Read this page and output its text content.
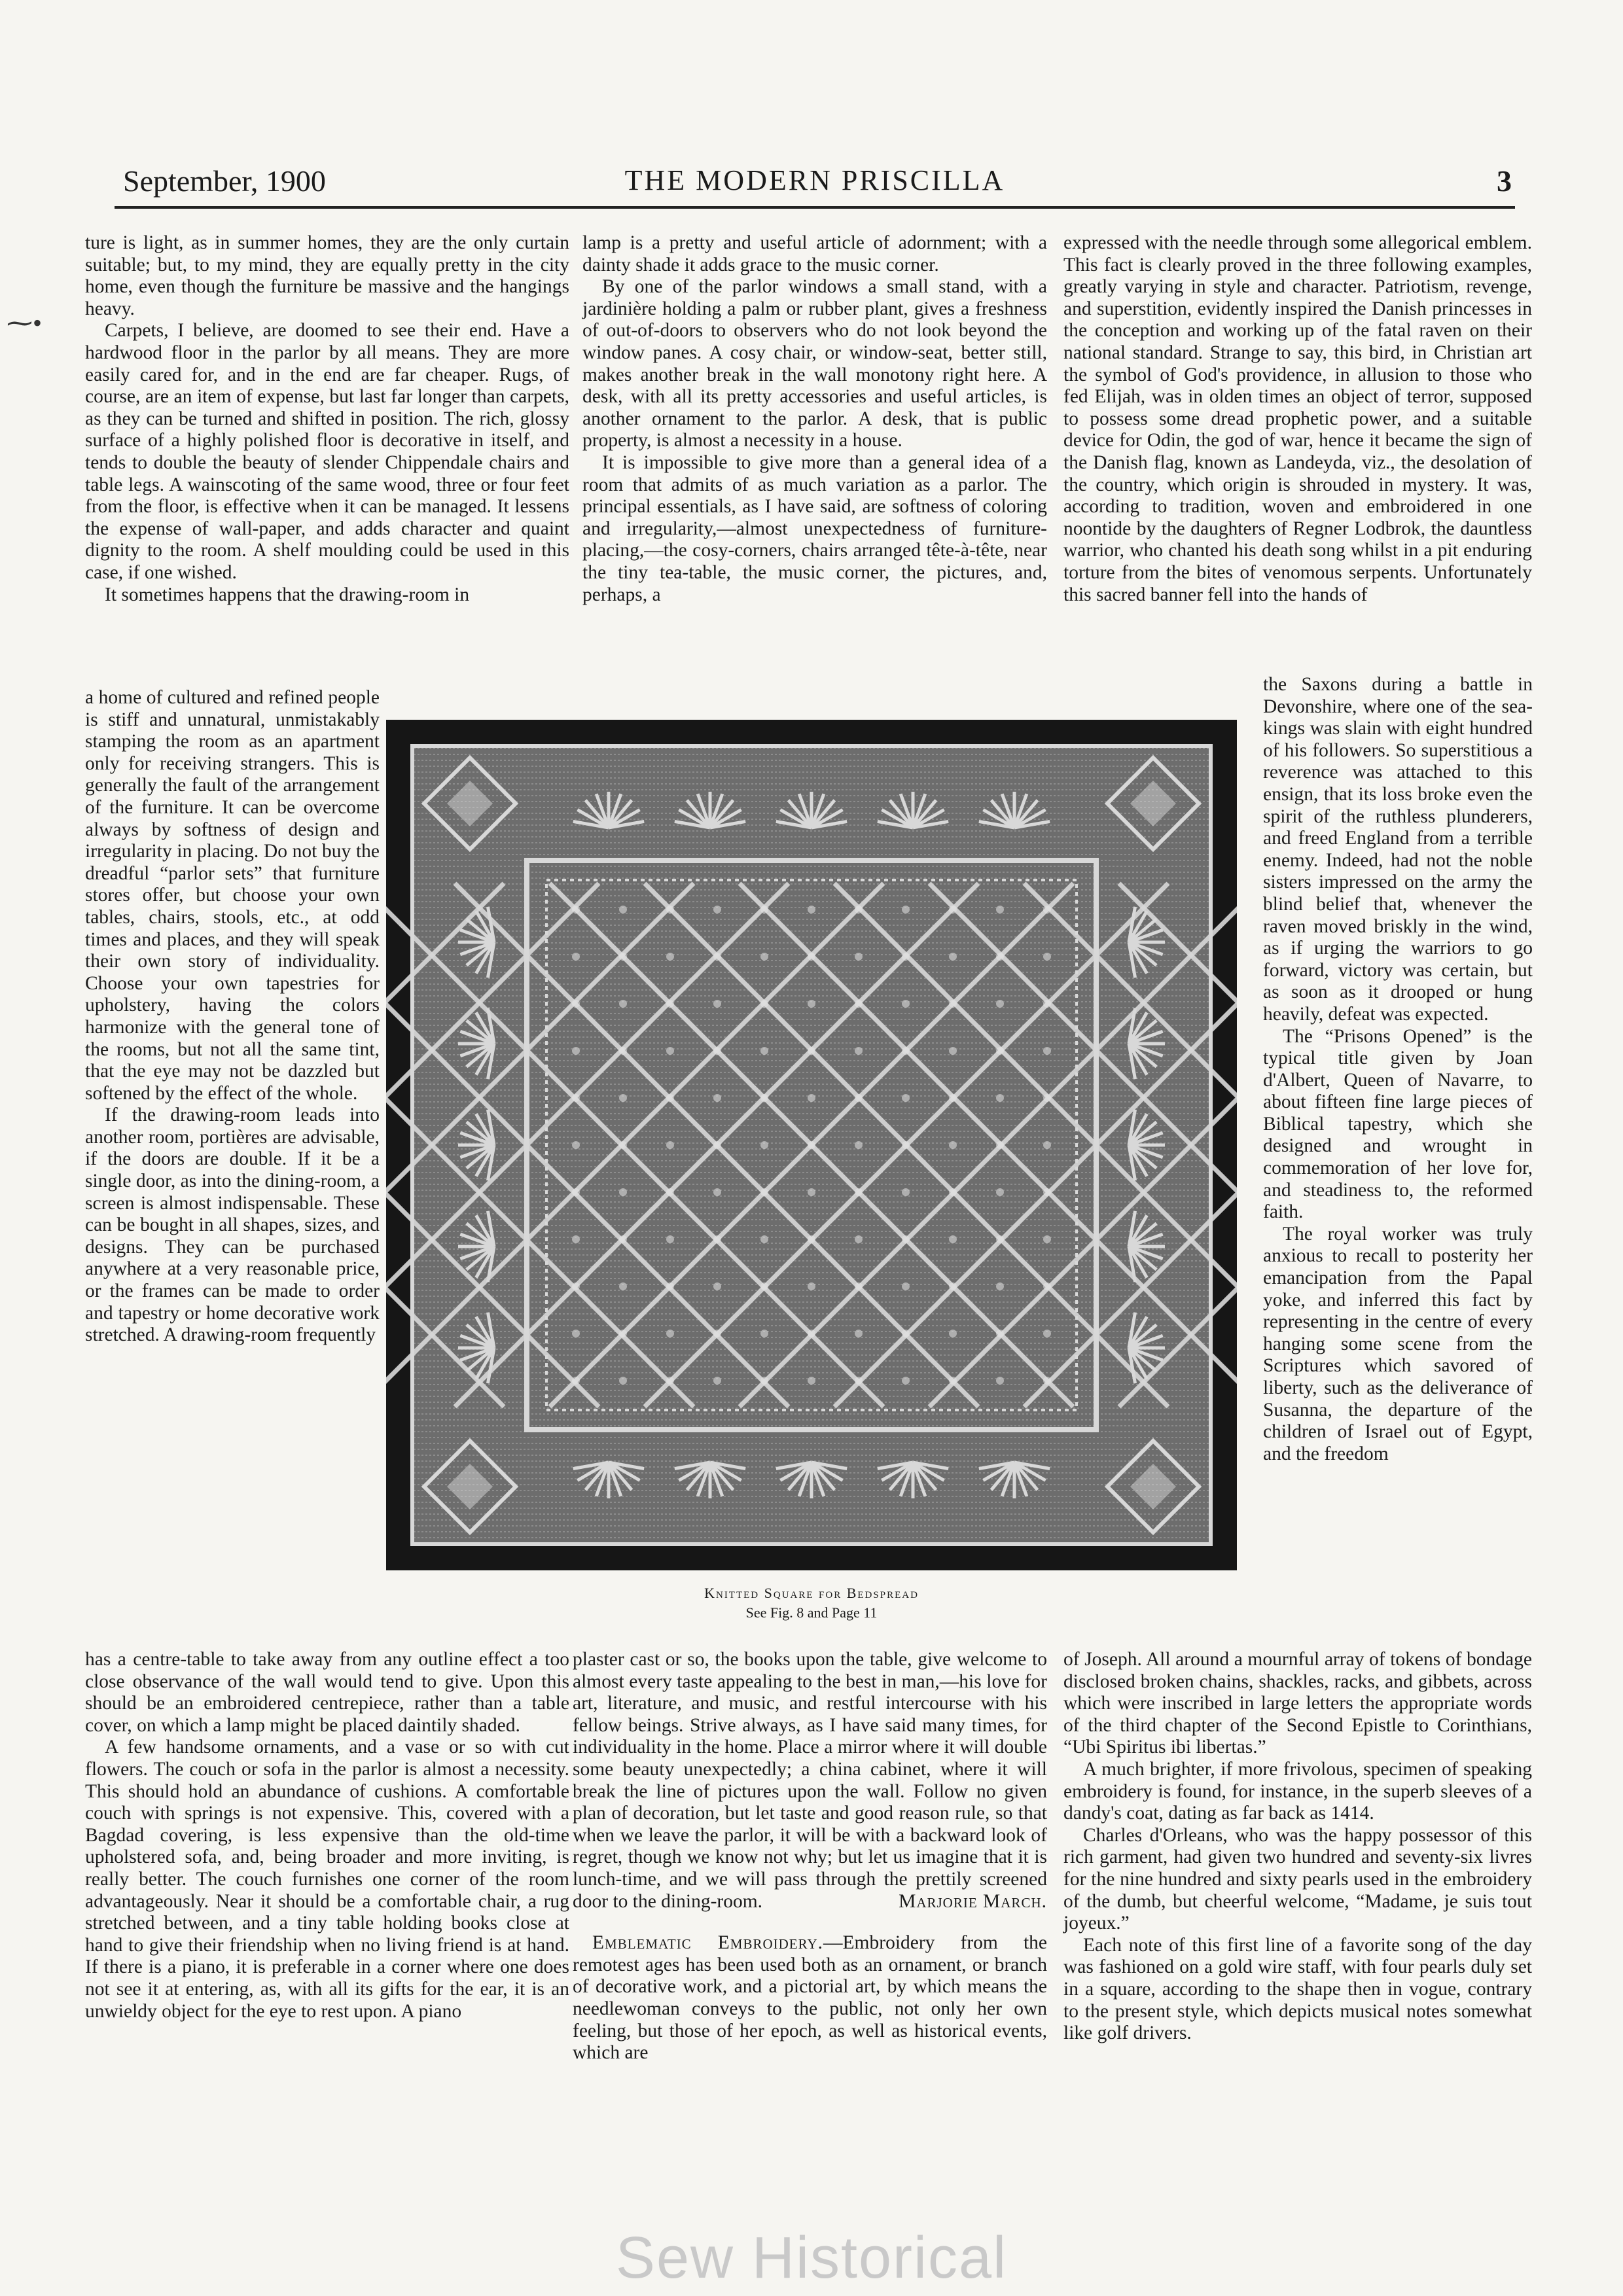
September, 1900	THE MODERN PRISCILLA	3
⁓•

ture is light, as in summer homes, they are the only curtain suitable; but, to my mind, they are equally pretty in the city home, even though the furniture be massive and the hangings heavy.

Carpets, I believe, are doomed to see their end. Have a hardwood floor in the parlor by all means. They are more easily cared for, and in the end are far cheaper. Rugs, of course, are an item of expense, but last far longer than carpets, as they can be turned and shifted in position. The rich, glossy surface of a highly polished floor is decorative in itself, and tends to double the beauty of slender Chippendale chairs and table legs. A wainscoting of the same wood, three or four feet from the floor, is effective when it can be managed. It lessens the expense of wall-paper, and adds character and quaint dignity to the room. A shelf moulding could be used in this case, if one wished.

It sometimes happens that the drawing-room in

lamp is a pretty and useful article of adornment; with a dainty shade it adds grace to the music corner.

By one of the parlor windows a small stand, with a jardinière holding a palm or rubber plant, gives a freshness of out-of-doors to observers who do not look beyond the window panes. A cosy chair, or window-seat, better still, makes another break in the wall monotony right here. A desk, with all its pretty accessories and useful articles, is another ornament to the parlor. A desk, that is public property, is almost a necessity in a house.

It is impossible to give more than a general idea of a room that admits of as much variation as a parlor. The principal essentials, as I have said, are softness of coloring and irregularity,—almost unexpectedness of furniture-placing,—the cosy-corners, chairs arranged tête-à-tête, near the tiny tea-table, the music corner, the pictures, and, perhaps, a

expressed with the needle through some allegorical emblem. This fact is clearly proved in the three following examples, greatly varying in style and character. Patriotism, revenge, and superstition, evidently inspired the Danish princesses in the conception and working up of the fatal raven on their national standard. Strange to say, this bird, in Christian art the symbol of God's providence, in allusion to those who fed Elijah, was in olden times an object of terror, supposed to possess some dread prophetic power, and a suitable device for Odin, the god of war, hence it became the sign of the Danish flag, known as Landeyda, viz., the desolation of the country, which origin is shrouded in mystery. It was, according to tradition, woven and embroidered in one noontide by the daughters of Regner Lodbrok, the dauntless warrior, who chanted his death song whilst in a pit enduring torture from the bites of venomous serpents. Unfortunately this sacred banner fell into the hands of

a home of cultured and refined people is stiff and unnatural, unmistakably stamping the room as an apartment only for receiving strangers. This is generally the fault of the arrangement of the furniture. It can be overcome always by softness of design and irregularity in placing. Do not buy the dreadful “parlor sets” that furniture stores offer, but choose your own tables, chairs, stools, etc., at odd times and places, and they will speak their own story of individuality. Choose your own tapestries for upholstery, having the colors harmonize with the general tone of the rooms, but not all the same tint, that the eye may not be dazzled but softened by the effect of the whole.

If the drawing-room leads into another room, portières are advisable, if the doors are double. If it be a single door, as into the dining-room, a screen is almost indispensable. These can be bought in all shapes, sizes, and designs. They can be purchased anywhere at a very reasonable price, or the frames can be made to order and tapestry or home decorative work stretched. A drawing-room frequently

the Saxons during a battle in Devonshire, where one of the sea-kings was slain with eight hundred of his followers. So superstitious a reverence was attached to this ensign, that its loss broke even the spirit of the ruthless plunderers, and freed England from a terrible enemy. Indeed, had not the noble sisters impressed on the army the blind belief that, whenever the raven moved briskly in the wind, as if urging the warriors to go forward, victory was certain, but as soon as it drooped or hung heavily, defeat was expected.

The “Prisons Opened” is the typical title given by Joan d'Albert, Queen of Navarre, to about fifteen fine large pieces of Biblical tapestry, which she designed and wrought in commemoration of her love for, and steadiness to, the reformed faith.

The royal worker was truly anxious to recall to posterity her emancipation from the Papal yoke, and inferred this fact by representing in the centre of every hanging some scene from the Scriptures which savored of liberty, such as the deliverance of Susanna, the departure of the children of Israel out of Egypt, and the freedom

Knitted Square for Bedspread
See Fig. 8 and Page 11

has a centre-table to take away from any outline effect a too close observance of the wall would tend to give. Upon this should be an embroidered centrepiece, rather than a table cover, on which a lamp might be placed daintily shaded.

A few handsome ornaments, and a vase or so with cut flowers. The couch or sofa in the parlor is almost a necessity. This should hold an abundance of cushions. A comfortable couch with springs is not expensive. This, covered with a Bagdad covering, is less expensive than the old-time upholstered sofa, and, being broader and more inviting, is really better. The couch furnishes one corner of the room advantageously. Near it should be a comfortable chair, a rug stretched between, and a tiny table holding books close at hand to give their friendship when no living friend is at hand. If there is a piano, it is preferable in a corner where one does not see it at entering, as, with all its gifts for the ear, it is an unwieldy object for the eye to rest upon. A piano

plaster cast or so, the books upon the table, give welcome to almost every taste appealing to the best in man,—his love for art, literature, and music, and restful intercourse with his fellow beings. Strive always, as I have said many times, for individuality in the home. Place a mirror where it will double some beauty unexpectedly; a china cabinet, where it will break the line of pictures upon the wall. Follow no given plan of decoration, but let taste and good reason rule, so that when we leave the parlor, it will be with a backward look of regret, though we know not why; but let us imagine that it is lunch-time, and we will pass through the prettily screened door to the dining-room.	Marjorie March.

Emblematic Embroidery.—Embroidery from the remotest ages has been used both as an ornament, or branch of decorative work, and a pictorial art, by which means the needlewoman conveys to the public, not only her own feeling, but those of her epoch, as well as historical events, which are

of Joseph. All around a mournful array of tokens of bondage disclosed broken chains, shackles, racks, and gibbets, across which were inscribed in large letters the appropriate words of the third chapter of the Second Epistle to Corinthians, “Ubi Spiritus ibi libertas.”

A much brighter, if more frivolous, specimen of speaking embroidery is found, for instance, in the superb sleeves of a dandy's coat, dating as far back as 1414.

Charles d'Orleans, who was the happy possessor of this rich garment, had given two hundred and seventy-six livres for the nine hundred and sixty pearls used in the embroidery of the dumb, but cheerful welcome, “Madame, je suis tout joyeux.”

Each note of this first line of a favorite song of the day was fashioned on a gold wire staff, with four pearls duly set in a square, according to the shape then in vogue, contrary to the present style, which depicts musical notes somewhat like golf drivers.

Sew Historical
